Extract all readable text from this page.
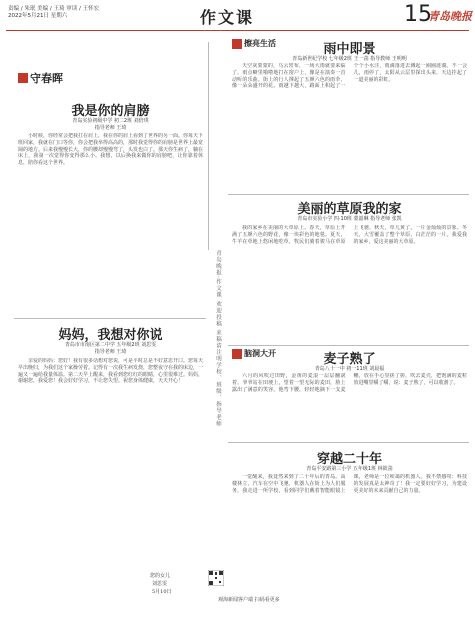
责编 / 朱珉 美编 / 王琦 审读 / 王怀宏
2022年5月21日 星期六	作文课	15
青岛晚报
守春晖
我是你的肩膀
青岛实验初级中学 初二2班 刘倍琪
指导老师 王琦

小时候，你经常会把我扛在肩上，我在你的肩上看到了世界的另一面。你每天下班回家，我就在门口等你，你会把我举得高高的，那时我觉得你的肩膀是世界上最宽阔的地方。后来我慢慢长大，你的腰却慢慢弯了，头发也白了。那天你生病了，躺在床上，我第一次觉得你变得那么小。我想，以后换我来做你的肩膀吧，让你靠着休息，陪你看这个世界。

妈妈，我想对你说
青岛市市南区第二中学 五年级2班 刘思雯
指导老师 王琦

亲爱的妈妈：您好！我有很多话想对您说，可是平时总是不好意思开口。您每天早出晚归，为我们这个家操劳着。记得有一次我生病发烧，您整夜守在我的床边，一遍又一遍给我量体温。第二天早上醒来，我看到您红红的眼睛，心里很难过。妈妈，谢谢您，我爱您！我会好好学习，不让您失望。祝您身体健康，天天开心！

您的女儿
刘思雯
5月10日
青岛晚报·作文课 欢迎投稿 来稿请注明学校、班级、指导老师
擦亮生活	雨中即景
青岛新世纪学校 七年级2班 王一菡 指导教师 王明明

天空灰蒙蒙的，乌云密布，一场大雨就要来临了。雨点噼里啪啦地打在窗户上，像是在演奏一首动听的乐曲。街上的行人撑起了五颜六色的雨伞，像一朵朵盛开的花。雨越下越大，路面上积起了一个个小水洼，雨滴落进去溅起一圈圈涟漪。不一会儿，雨停了，太阳从云层里探出头来，天边挂起了一道美丽的彩虹。

美丽的草原我的家
青岛市实验小学 四·10班 蒙韶琳 指导老师 张凯

我的家乡在美丽的大草原上。春天，草原上开满了五颜六色的野花，像一块彩色的地毯。夏天，牛羊在草地上悠闲地吃草，牧民们骑着骏马在草原上飞驰。秋天，草儿黄了，一片金灿灿的景象。冬天，大雪覆盖了整个草原，白茫茫的一片。我爱我的家乡，爱这美丽的大草原。

脑洞大开	麦子熟了
青岛八十一中 初一11班 刘晨福

六月的风吹过田野，金黄的麦浪一层层翻滚着。爷爷站在田埂上，望着一望无际的麦田，脸上露出了满意的笑容。他弯下腰，轻轻地摘下一支麦穗，放在手心里搓了搓，吹去麦壳，把饱满的麦粒放进嘴里嚼了嚼，说：麦子熟了，可以收割了。

穿越二十年
青岛平安路第三小学 五年级1班 林筱菡

一觉醒来，我竟然来到了二十年后的青岛。高楼林立，汽车在空中飞驰，机器人在街上为人们服务。我走进一所学校，看到同学们戴着智能眼镜上课，老师是一位和蔼的机器人。我不禁感叹：科技的发展真是太神奇了！我一定要好好学习，为建设更美好的未来贡献自己的力量。

观海新闻客户端 扫码看更多
